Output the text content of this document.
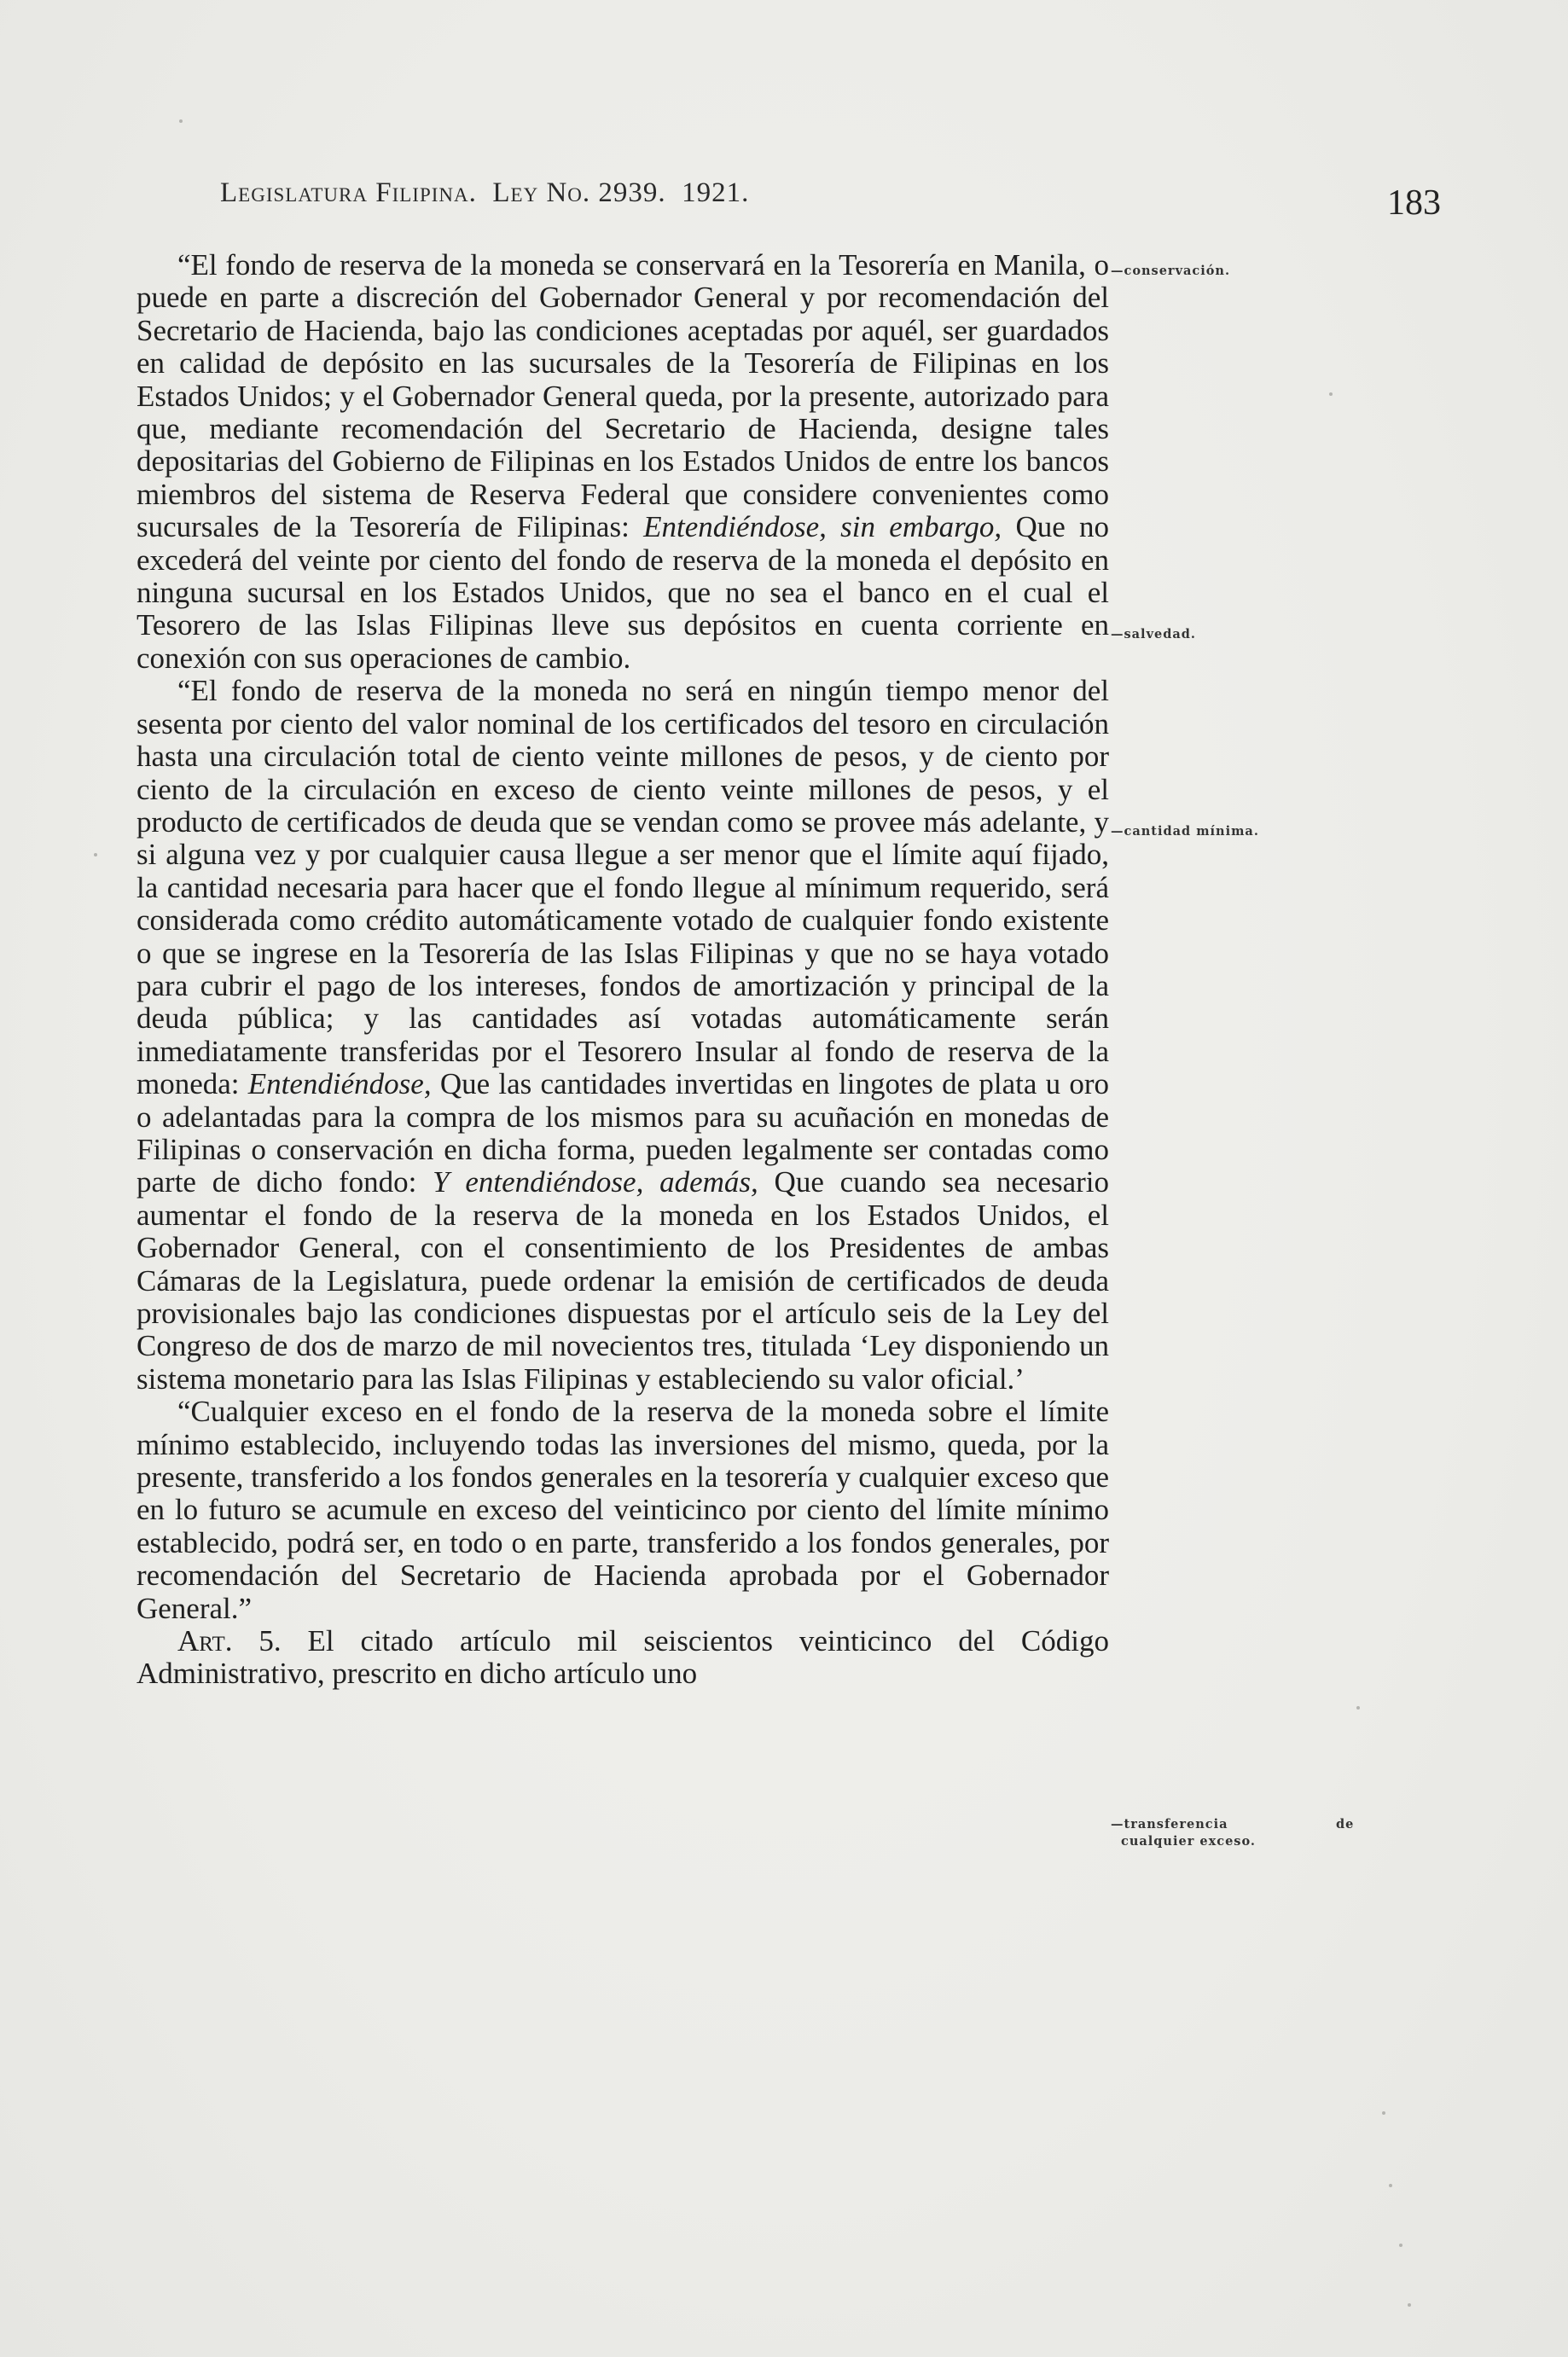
Legislatura Filipina. Ley No. 2939. 1921.	183

“El fondo de reserva de la moneda se conservará en la Tesorería en Manila, o puede en parte a discreción del Gobernador General y por recomendación del Secretario de Hacienda, bajo las condiciones aceptadas por aquél, ser guardados en calidad de depósito en las sucursales de la Tesorería de Filipinas en los Estados Unidos; y el Gobernador General queda, por la presente, autorizado para que, mediante recomendación del Secretario de Hacienda, designe tales depositarias del Gobierno de Filipinas en los Estados Unidos de entre los bancos miembros del sistema de Reserva Federal que considere convenientes como sucursales de la Tesorería de Filipinas: Entendiéndose, sin embargo, Que no excederá del veinte por ciento del fondo de reserva de la moneda el depósito en ninguna sucursal en los Estados Unidos, que no sea el banco en el cual el Tesorero de las Islas Filipinas lleve sus depósitos en cuenta corriente en conexión con sus operaciones de cambio.

“El fondo de reserva de la moneda no será en ningún tiempo menor del sesenta por ciento del valor nominal de los certificados del tesoro en circulación hasta una circulación total de ciento veinte millones de pesos, y de ciento por ciento de la circulación en exceso de ciento veinte millones de pesos, y el producto de certificados de deuda que se vendan como se provee más adelante, y si alguna vez y por cualquier causa llegue a ser menor que el límite aquí fijado, la cantidad necesaria para hacer que el fondo llegue al mínimum requerido, será considerada como crédito automáticamente votado de cualquier fondo existente o que se ingrese en la Tesorería de las Islas Filipinas y que no se haya votado para cubrir el pago de los intereses, fondos de amortización y principal de la deuda pública; y las cantidades así votadas automáticamente serán inmediatamente transferidas por el Tesorero Insular al fondo de reserva de la moneda: Entendiéndose, Que las cantidades invertidas en lingotes de plata u oro o adelantadas para la compra de los mismos para su acuñación en monedas de Filipinas o conservación en dicha forma, pueden legalmente ser contadas como parte de dicho fondo: Y entendiéndose, además, Que cuando sea necesario aumentar el fondo de la reserva de la moneda en los Estados Unidos, el Gobernador General, con el consentimiento de los Presidentes de ambas Cámaras de la Legislatura, puede ordenar la emisión de certificados de deuda provisionales bajo las condiciones dispuestas por el artículo seis de la Ley del Congreso de dos de marzo de mil novecientos tres, titulada ‘Ley disponiendo un sistema monetario para las Islas Filipinas y estableciendo su valor oficial.’

“Cualquier exceso en el fondo de la reserva de la moneda sobre el límite mínimo establecido, incluyendo todas las inversiones del mismo, queda, por la presente, transferido a los fondos generales en la tesorería y cualquier exceso que en lo futuro se acumule en exceso del veinticinco por ciento del límite mínimo establecido, podrá ser, en todo o en parte, transferido a los fondos generales, por recomendación del Secretario de Hacienda aprobada por el Gobernador General.”

Art. 5. El citado artículo mil seiscientos veinticinco del Código Administrativo, prescrito en dicho artículo uno

—conservación.
—salvedad.
—cantidad mínima.
—transferencia	de
cualquier exceso.
